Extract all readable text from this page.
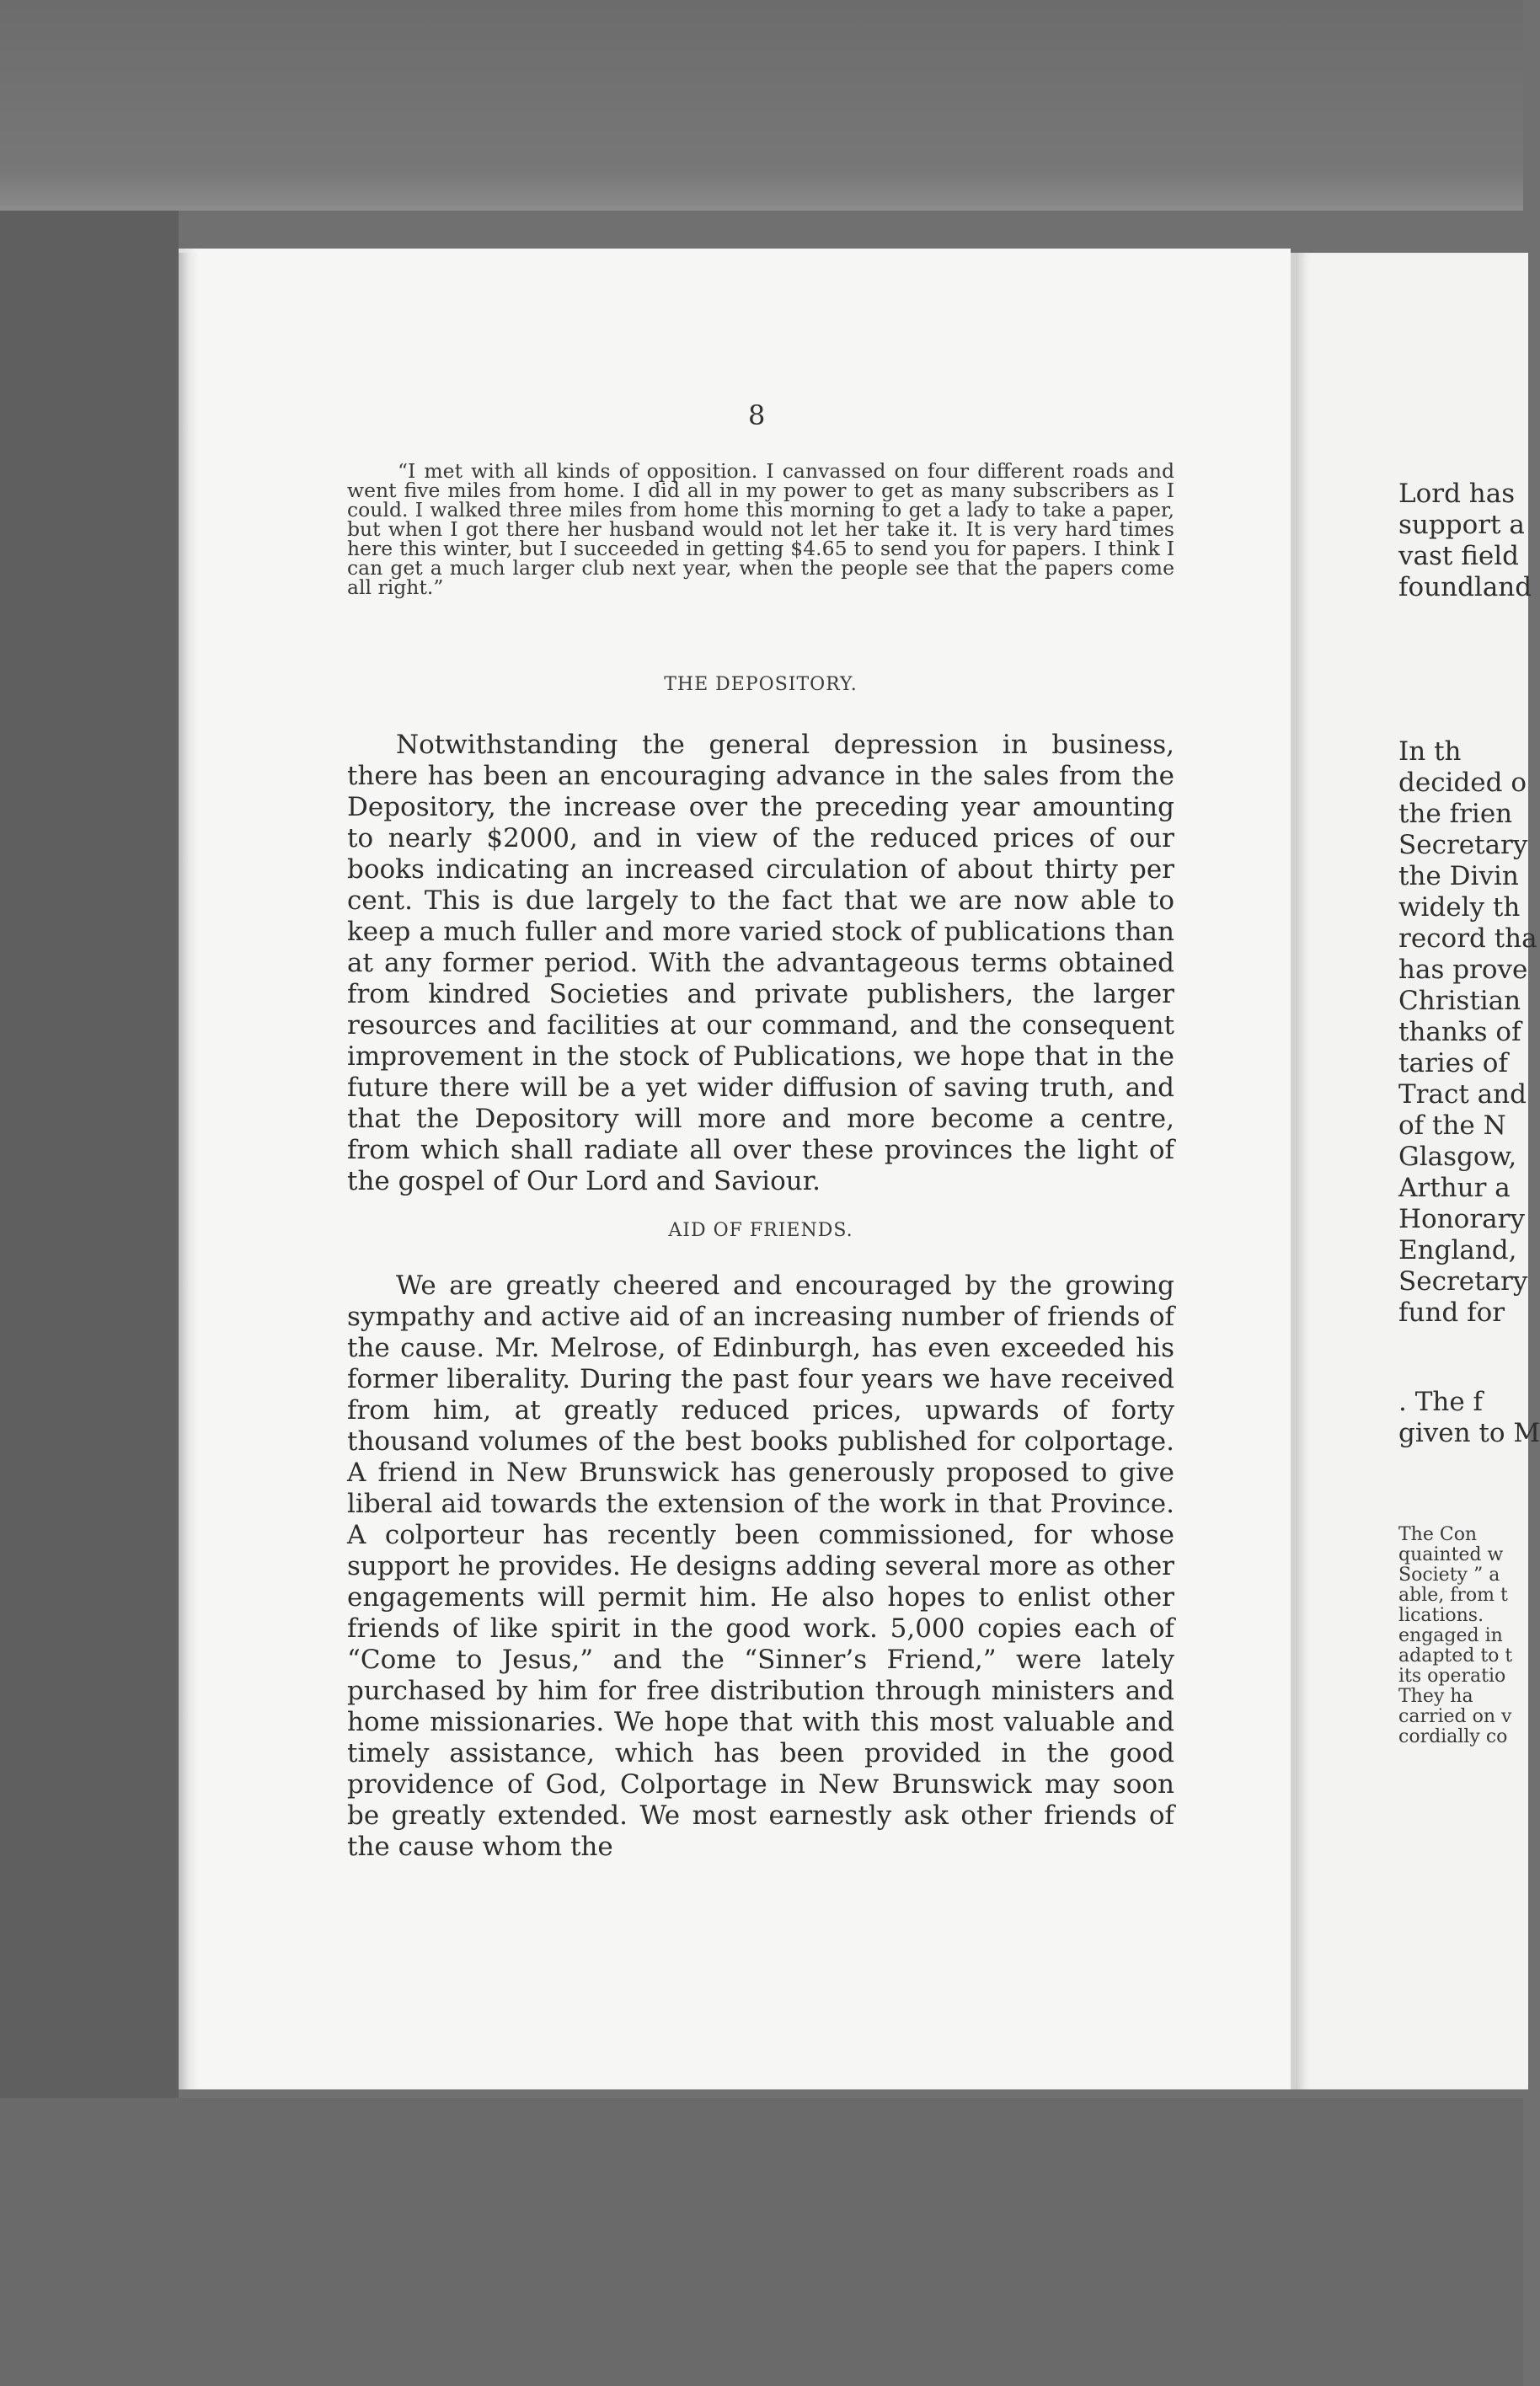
8
“I met with all kinds of opposition. I canvassed on four different roads and went five miles from home. I did all in my power to get as many subscribers as I could. I walked three miles from home this morning to get a lady to take a paper, but when I got there her husband would not let her take it. It is very hard times here this winter, but I succeeded in getting $4.65 to send you for papers. I think I can get a much larger club next year, when the people see that the papers come all right.”
THE DEPOSITORY.
Notwithstanding the general depression in business, there has been an encouraging advance in the sales from the Depository, the increase over the preceding year amounting to nearly $2000, and in view of the reduced prices of our books indicating an increased circulation of about thirty per cent. This is due largely to the fact that we are now able to keep a much fuller and more varied stock of publications than at any former period. With the advantageous terms obtained from kindred Societies and private publishers, the larger resources and facilities at our command, and the consequent improvement in the stock of Publications, we hope that in the future there will be a yet wider diffusion of saving truth, and that the Depository will more and more become a centre, from which shall radiate all over these provinces the light of the gospel of Our Lord and Saviour.
AID OF FRIENDS.
We are greatly cheered and encouraged by the growing sympathy and active aid of an increasing number of friends of the cause. Mr. Melrose, of Edinburgh, has even exceeded his former liberality. During the past four years we have received from him, at greatly reduced prices, upwards of forty thousand volumes of the best books published for colportage. A friend in New Brunswick has generously proposed to give liberal aid towards the extension of the work in that Province. A colporteur has recently been commissioned, for whose support he provides. He designs adding several more as other engagements will permit him. He also hopes to enlist other friends of like spirit in the good work. 5,000 copies each of “Come to Jesus,” and the “Sinner’s Friend,” were lately purchased by him for free distribution through ministers and home missionaries. We hope that with this most valuable and timely assistance, which has been provided in the good providence of God, Colportage in New Brunswick may soon be greatly extended. We most earnestly ask other friends of the cause whom the
Lord has
support a
vast field
foundland
In th
decided o
the frien
Secretary
the Divin
widely th
record tha
has prove
Christian
thanks of
taries of
Tract and
of the N
Glasgow,
Arthur a
Honorary
England,
Secretary
fund for
. The f
given to M
The Con
quainted w
Society ” a
able, from t
lications.
engaged in
adapted to t
its operatio
They ha
carried on v
cordially co
